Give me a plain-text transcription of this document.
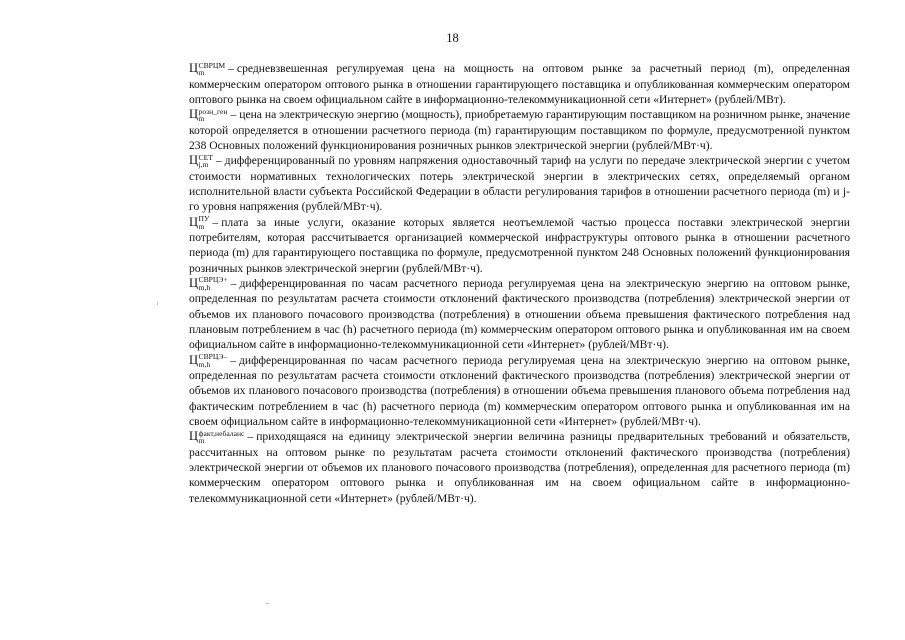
18

Ц СВРЦМ
m	– средневзвешенная регулируемая цена на мощность на оптовом рынке за расчетный период (m), определенная коммерческим оператором оптового рынка в отношении гарантирующего поставщика и опубликованная коммерческим оператором оптового рынка на своем официальном сайте в информационно-телекоммуникационной сети «Интернет» (рублей/МВт).

Ц розн_ген
m	– цена на электрическую энергию (мощность), приобретаемую гарантирующим поставщиком на розничном рынке, значение которой определяется в отношении расчетного периода (m) гарантирующим поставщиком по формуле, предусмотренной пунктом 238 Основных положений функционирования розничных рынков электрической энергии (рублей/МВт·ч).

Ц СЕТ
j,m – дифференцированный по уровням напряжения одноставочный тариф на услуги по передаче электрической энергии с учетом стоимости нормативных технологических потерь электрической энергии в электрических сетях, определяемый органом исполнительной власти субъекта Российской Федерации в области регулирования тарифов в отношении расчетного периода (m) и j-го уровня напряжения (рублей/МВт·ч).

Ц ПУ
m – плата за иные услуги, оказание которых является неотъемлемой частью процесса поставки электрической энергии потребителям, которая рассчитывается организацией коммерческой инфраструктуры оптового рынка в отношении расчетного периода (m) для гарантирующего поставщика по формуле, предусмотренной пунктом 248 Основных положений функционирования розничных рынков электрической энергии (рублей/МВт·ч).

Ц СВРЦЭ+
m,h	– дифференцированная по часам расчетного периода регулируемая цена на электрическую энергию на оптовом рынке, определенная по результатам расчета стоимости отклонений фактического производства (потребления) электрической энергии от объемов их планового почасового производства (потребления) в отношении объема превышения фактического потребления над плановым потреблением в час (h) расчетного периода (m) коммерческим оператором оптового рынка и опубликованная им на своем официальном сайте в информационно-телекоммуникационной сети «Интернет» (рублей/МВт·ч).

Ц СВРЦЭ–
m,h	– дифференцированная по часам расчетного периода регулируемая цена на электрическую энергию на оптовом рынке, определенная по результатам расчета стоимости отклонений фактического производства (потребления) электрической энергии от объемов их планового почасового производства (потребления) в отношении объема превышения планового объема потребления над фактическим потреблением в час (h) расчетного периода (m) коммерческим оператором оптового рынка и опубликованная им на своем официальном сайте в информационно-телекоммуникационной сети «Интернет» (рублей/МВт·ч).

Ц факт,небаланс
m	– приходящаяся на единицу электрической энергии величина разницы предварительных требований и обязательств, рассчитанных на оптовом рынке по результатам расчета стоимости отклонений фактического производства (потребления) электрической энергии от объемов их планового почасового производства (потребления), определенная для расчетного периода (m) коммерческим оператором оптового рынка и опубликованная им на своем официальном сайте в информационно-телекоммуникационной сети «Интернет» (рублей/МВт·ч).
